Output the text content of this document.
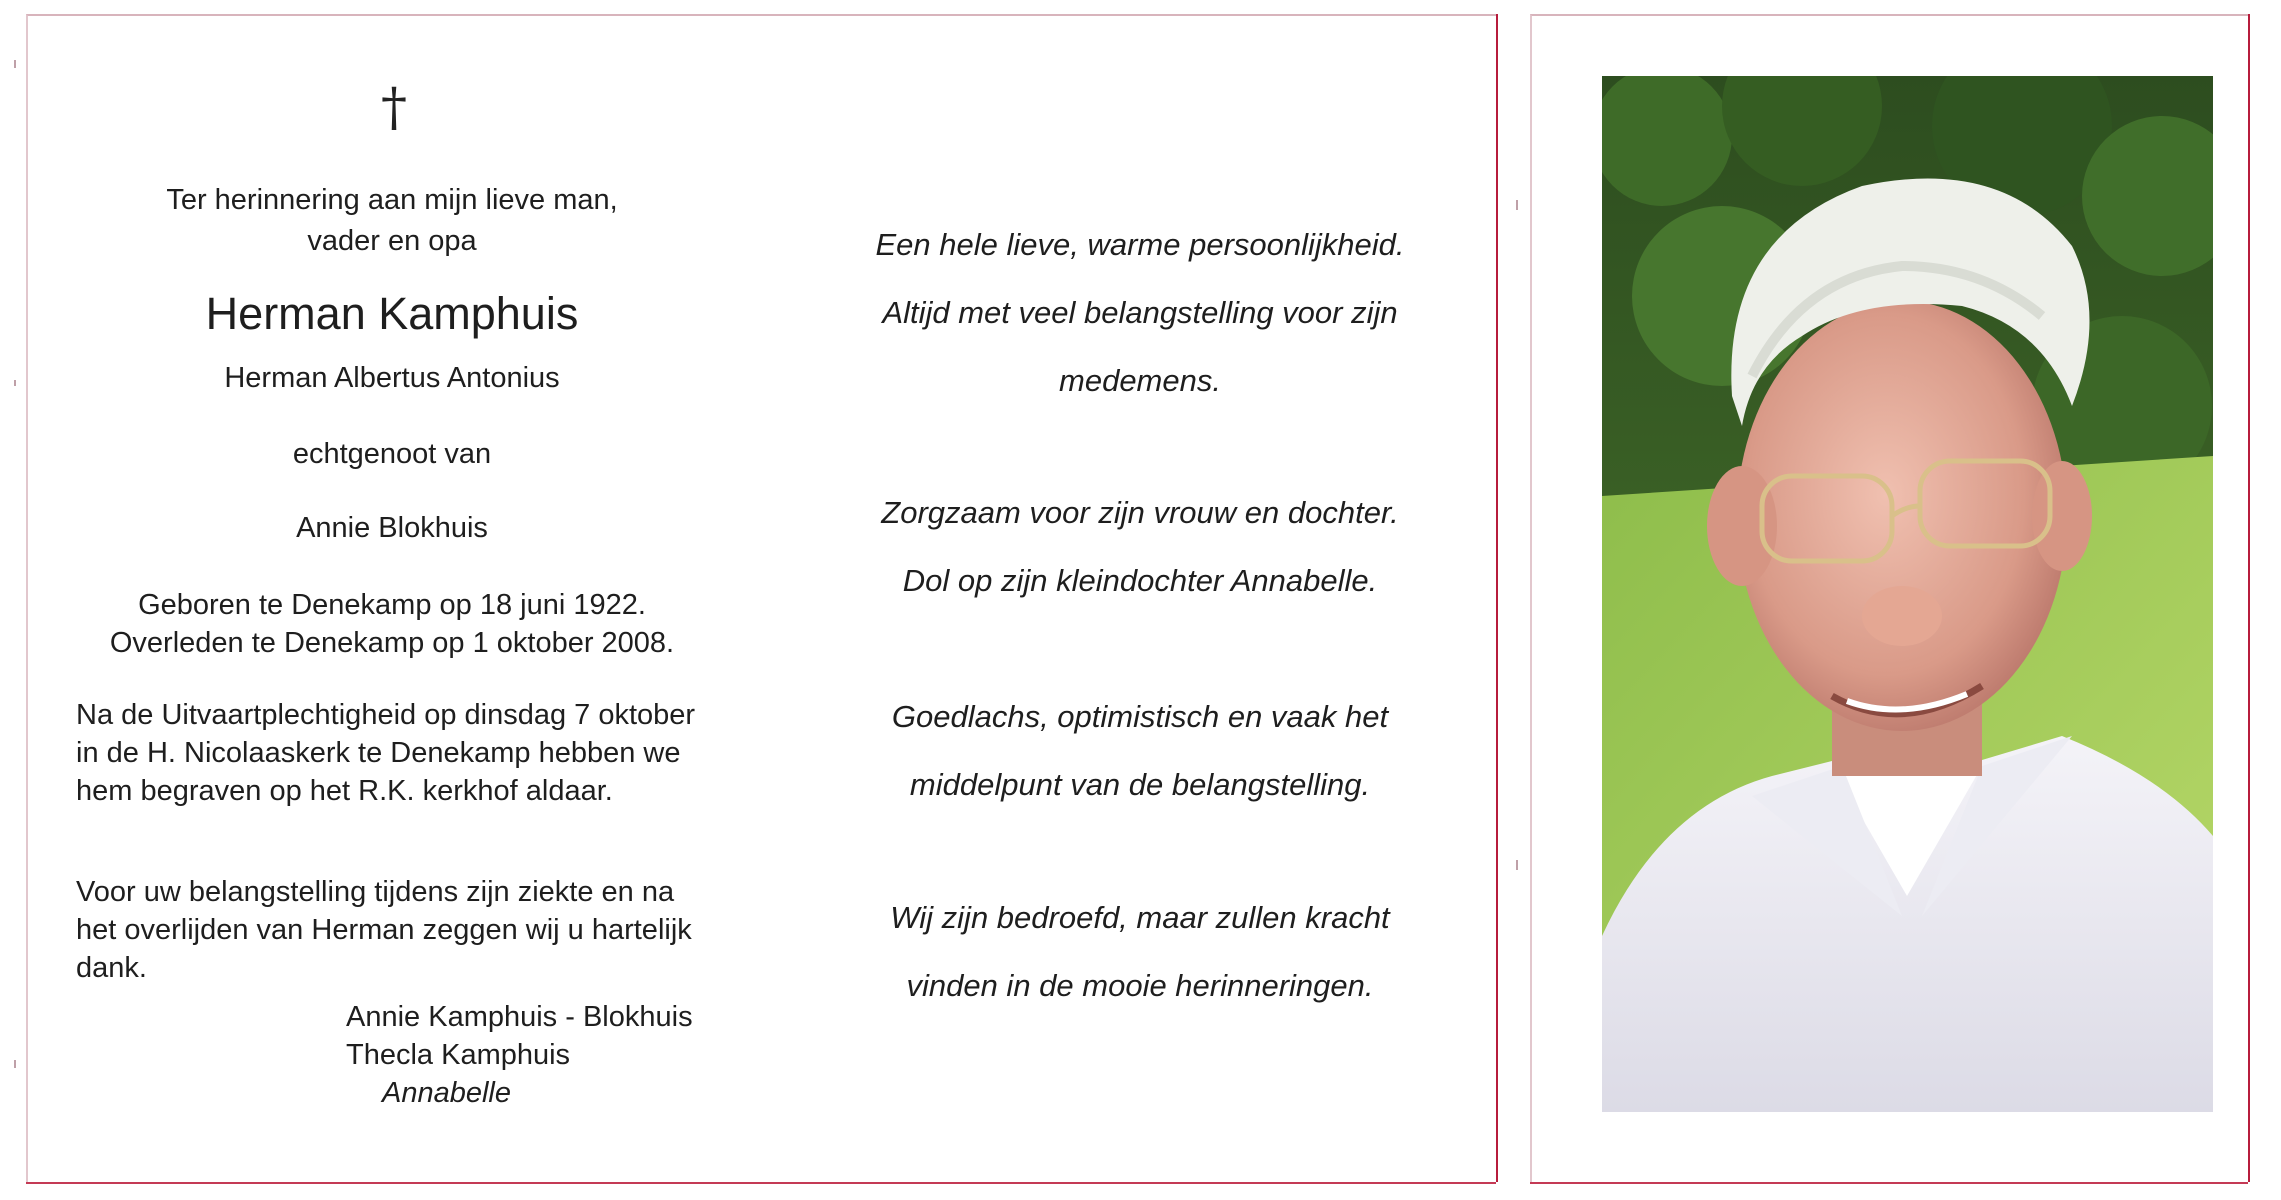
†
Ter herinnering aan mijn lieve man,
vader en opa
Herman Kamphuis
Herman Albertus Antonius
echtgenoot van
Annie Blokhuis
Geboren te Denekamp op 18 juni 1922.
Overleden te Denekamp op 1 oktober 2008.
Na de Uitvaartplechtigheid op dinsdag 7 oktober
in de H. Nicolaaskerk te Denekamp hebben we
hem begraven op het R.K. kerkhof aldaar.
Voor uw belangstelling tijdens zijn ziekte en na
het overlijden van Herman zeggen wij u hartelijk
dank.
Annie Kamphuis - Blokhuis
Thecla Kamphuis
Annabelle
Een hele lieve, warme persoonlijkheid.
Altijd met veel belangstelling voor zijn
medemens.
Zorgzaam voor zijn vrouw en dochter.
Dol op zijn kleindochter Annabelle.
Goedlachs, optimistisch en vaak het
middelpunt van de belangstelling.
Wij zijn bedroefd, maar zullen kracht
vinden in de mooie herinneringen.
